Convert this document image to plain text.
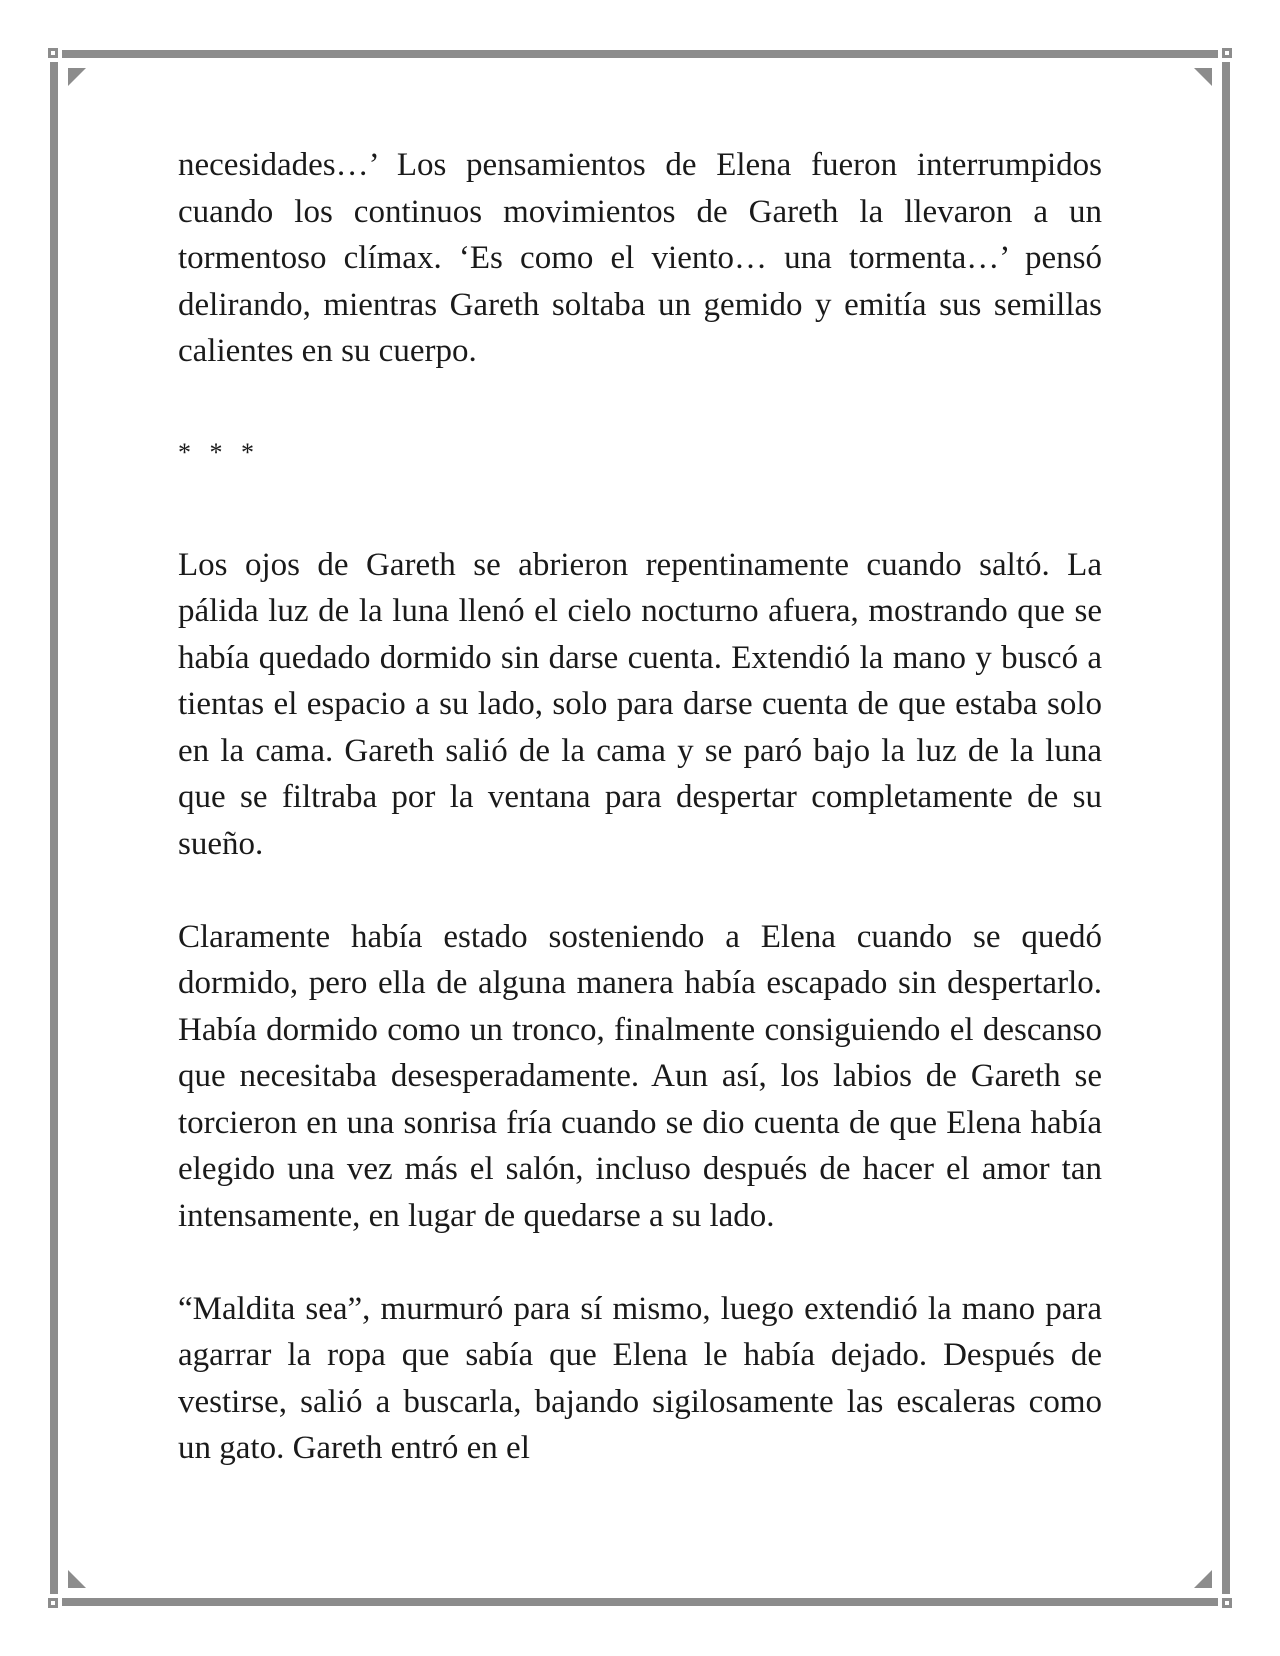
necesidades…’ Los pensamientos de Elena fueron interrumpidos cuando los continuos movimientos de Gareth la llevaron a un tormentoso clímax. ‘Es como el viento… una tormenta…’ pensó delirando, mientras Gareth soltaba un gemido y emitía sus semillas calientes en su cuerpo.

* * *

Los ojos de Gareth se abrieron repentinamente cuando saltó. La pálida luz de la luna llenó el cielo nocturno afuera, mostrando que se había quedado dormido sin darse cuenta. Extendió la mano y buscó a tientas el espacio a su lado, solo para darse cuenta de que estaba solo en la cama. Gareth salió de la cama y se paró bajo la luz de la luna que se filtraba por la ventana para despertar completamente de su sueño.

Claramente había estado sosteniendo a Elena cuando se quedó dormido, pero ella de alguna manera había escapado sin despertarlo. Había dormido como un tronco, finalmente consiguiendo el descanso que necesitaba desesperadamente. Aun así, los labios de Gareth se torcieron en una sonrisa fría cuando se dio cuenta de que Elena había elegido una vez más el salón, incluso después de hacer el amor tan intensamente, en lugar de quedarse a su lado.

“Maldita sea”, murmuró para sí mismo, luego extendió la mano para agarrar la ropa que sabía que Elena le había dejado. Después de vestirse, salió a buscarla, bajando sigilosamente las escaleras como un gato. Gareth entró en el
